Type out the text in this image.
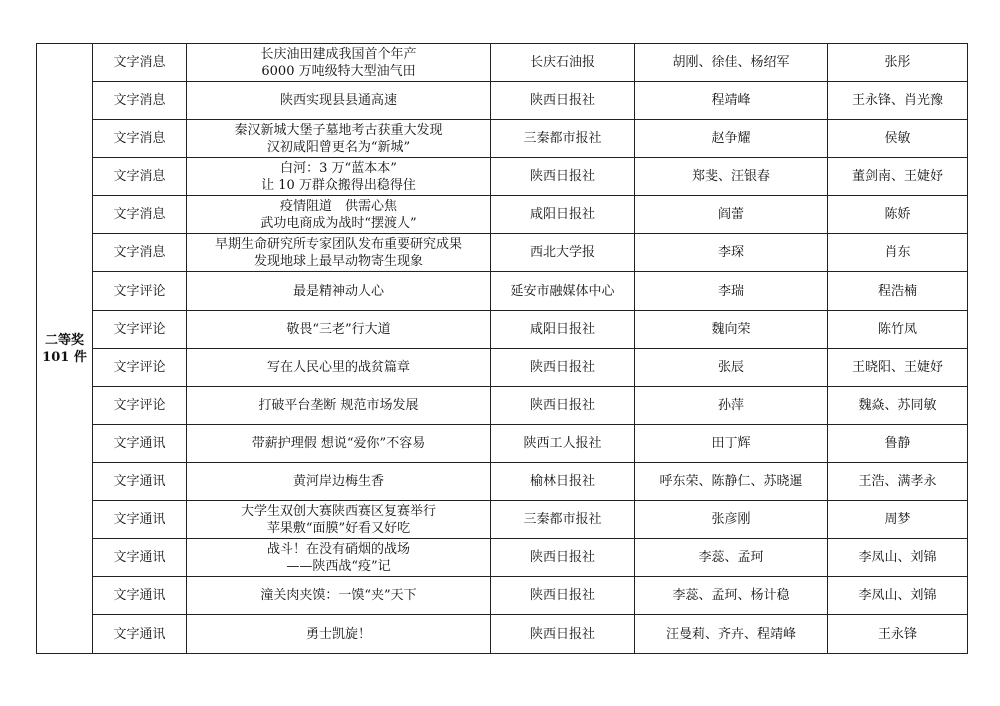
二等奖
101 件	文字消息	长庆油田建成我国首个年产
6000 万吨级特大型油气田	长庆石油报	胡刚、徐佳、杨绍军	张彤
	文字消息	陕西实现县县通高速	陕西日报社	程靖峰	王永锋、肖光豫
	文字消息	秦汉新城大堡子墓地考古获重大发现
汉初咸阳曾更名为“新城”	三秦都市报社	赵争耀	侯敏
	文字消息	白河：3 万“蓝本本”
让 10 万群众搬得出稳得住	陕西日报社	郑斐、汪银春	董剑南、王婕妤
	文字消息	疫情阻道　供需心焦
武功电商成为战时“摆渡人”	咸阳日报社	阎蕾	陈娇
	文字消息	早期生命研究所专家团队发布重要研究成果
发现地球上最早动物寄生现象	西北大学报	李琛	肖东
	文字评论	最是精神动人心	延安市融媒体中心	李瑞	程浩楠
	文字评论	敬畏“三老”行大道	咸阳日报社	魏向荣	陈竹凤
	文字评论	写在人民心里的战贫篇章	陕西日报社	张辰	王晓阳、王婕妤
	文字评论	打破平台垄断 规范市场发展	陕西日报社	孙萍	魏焱、苏同敏
	文字通讯	带薪护理假 想说“爱你”不容易	陕西工人报社	田丁辉	鲁静
	文字通讯	黄河岸边梅生香	榆林日报社	呼东荣、陈静仁、苏晓暹	王浩、满孝永
	文字通讯	大学生双创大赛陕西赛区复赛举行
苹果敷“面膜”好看又好吃	三秦都市报社	张彦刚	周梦
	文字通讯	战斗！在没有硝烟的战场
——陕西战“疫”记	陕西日报社	李蕊、孟珂	李凤山、刘锦
	文字通讯	潼关肉夹馍：一馍“夹”天下	陕西日报社	李蕊、孟珂、杨计稳	李凤山、刘锦
	文字通讯	勇士凯旋！	陕西日报社	汪曼莉、齐卉、程靖峰	王永锋
